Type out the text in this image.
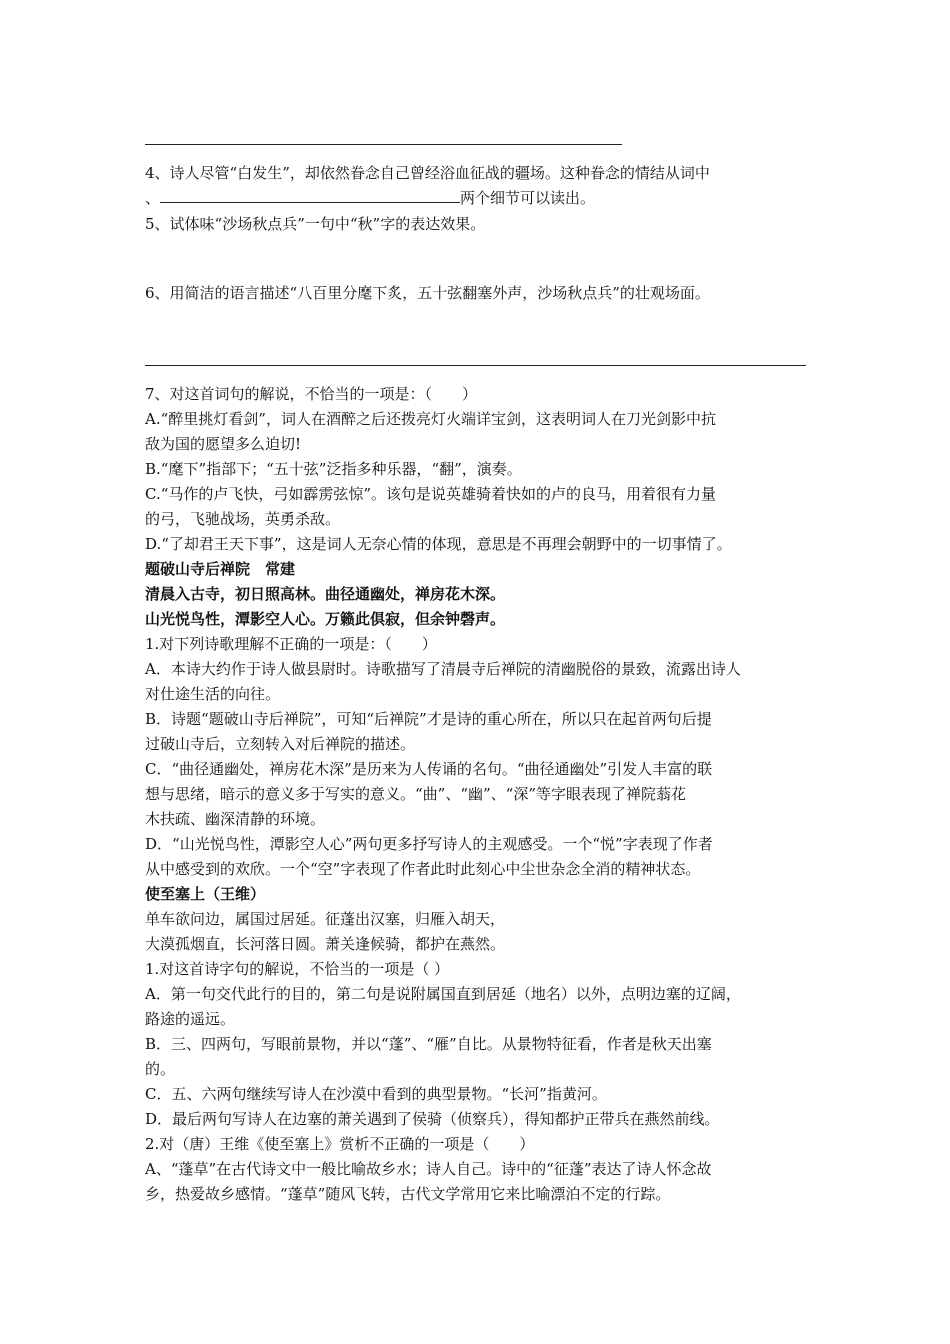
4、诗人尽管“白发生”，却依然眷念自己曾经浴血征战的疆场。这种眷念的情结从词中
、	两个细节可以读出。
5、试体味“沙场秋点兵”一句中“秋”字的表达效果。
6、用简洁的语言描述“八百里分麾下炙，五十弦翻塞外声，沙场秋点兵”的壮观场面。
7、对这首词句的解说，不恰当的一项是：（　　）
A.“醉里挑灯看剑”，词人在酒醉之后还拨亮灯火端详宝剑，这表明词人在刀光剑影中抗
敌为国的愿望多么迫切!
B.“麾下”指部下；“五十弦”泛指多种乐器，“翻”，演奏。
C.“马作的卢飞快，弓如霹雳弦惊”。该句是说英雄骑着快如的卢的良马，用着很有力量
的弓，飞驰战场，英勇杀敌。
D.“了却君王天下事”，这是词人无奈心情的体现，意思是不再理会朝野中的一切事情了。
题破山寺后禅院　常建
清晨入古寺，初日照高林。曲径通幽处，禅房花木深。
山光悦鸟性，潭影空人心。万籁此俱寂，但余钟磬声。
1.对下列诗歌理解不正确的一项是：（　　）
A．本诗大约作于诗人做县尉时。诗歌描写了清晨寺后禅院的清幽脱俗的景致，流露出诗人
对仕途生活的向往。
B．诗题“题破山寺后禅院”，可知“后禅院”才是诗的重心所在，所以只在起首两句后提
过破山寺后，立刻转入对后禅院的描述。
C．“曲径通幽处，禅房花木深”是历来为人传诵的名句。“曲径通幽处”引发人丰富的联
想与思绪，暗示的意义多于写实的意义。“曲”、“幽”、“深”等字眼表现了禅院蓊花
木扶疏、幽深清静的环境。
D．“山光悦鸟性，潭影空人心”两句更多抒写诗人的主观感受。一个“悦”字表现了作者
从中感受到的欢欣。一个“空”字表现了作者此时此刻心中尘世杂念全消的精神状态。
使至塞上（王维）
单车欲问边，属国过居延。征蓬出汉塞，归雁入胡天，
大漠孤烟直，长河落日圆。萧关逢候骑，都护在燕然。
1.对这首诗字句的解说，不恰当的一项是（ ）
A．第一句交代此行的目的，第二句是说附属国直到居延（地名）以外，点明边塞的辽阔，
路途的遥远。
B．三、四两句，写眼前景物，并以“蓬”、“雁”自比。从景物特征看，作者是秋天出塞
的。
C．五、六两句继续写诗人在沙漠中看到的典型景物。“长河”指黄河。
D．最后两句写诗人在边塞的萧关遇到了侯骑（侦察兵），得知都护正带兵在燕然前线。
2.对（唐）王维《使至塞上》赏析不正确的一项是（　　）
A、“蓬草”在古代诗文中一般比喻故乡水；诗人自己。诗中的“征蓬”表达了诗人怀念故
乡，热爱故乡感情。“蓬草”随风飞转，古代文学常用它来比喻漂泊不定的行踪。
